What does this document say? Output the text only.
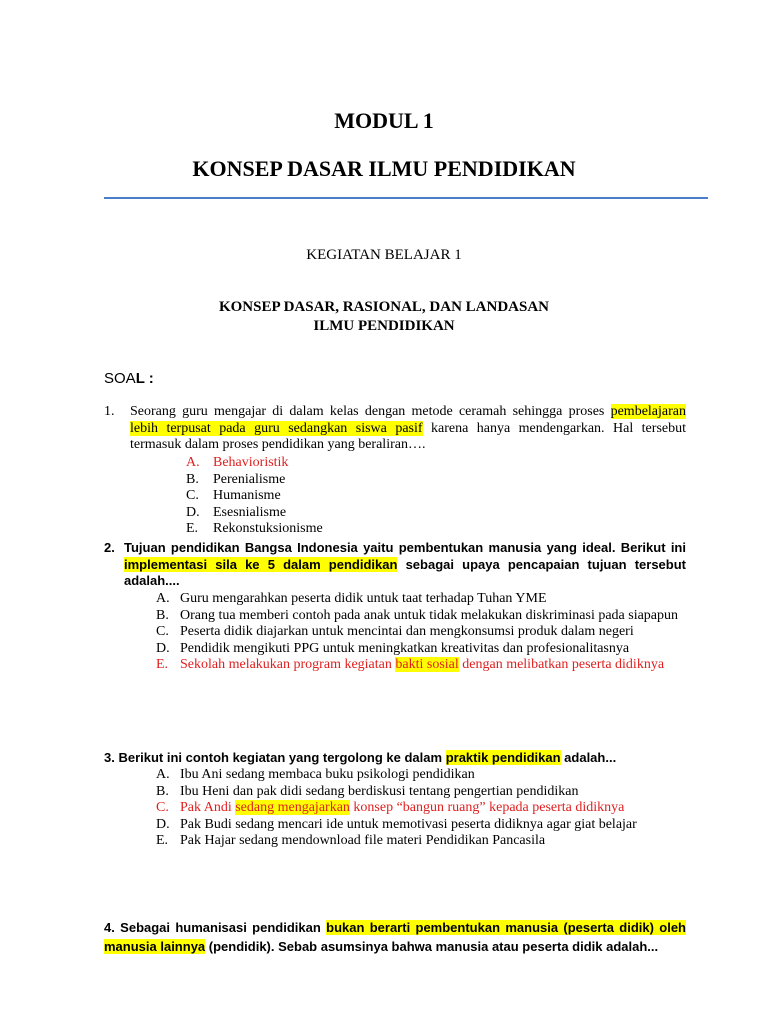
MODUL 1
KONSEP DASAR ILMU PENDIDIKAN
KEGIATAN BELAJAR 1
KONSEP DASAR, RASIONAL, DAN LANDASAN
ILMU PENDIDIKAN
SOAL :
1. Seorang guru mengajar di dalam kelas dengan metode ceramah sehingga proses pembelajaran lebih terpusat pada guru sedangkan siswa pasif karena hanya mendengarkan. Hal tersebut termasuk dalam proses pendidikan yang beraliran….
A. Behavioristik
B.	Perenialisme
C.	Humanisme
D. Esesnialisme
E.	Rekonstuksionisme
2. Tujuan pendidikan Bangsa Indonesia yaitu pembentukan manusia yang ideal. Berikut ini implementasi sila ke 5 dalam pendidikan sebagai upaya pencapaian tujuan tersebut adalah....
A. Guru mengarahkan peserta didik untuk taat terhadap Tuhan YME
B. Orang tua memberi contoh pada anak untuk tidak melakukan diskriminasi pada siapapun
C. Peserta didik diajarkan untuk mencintai dan mengkonsumsi produk dalam negeri
D. Pendidik mengikuti PPG untuk meningkatkan kreativitas dan profesionalitasnya
E. Sekolah melakukan program kegiatan bakti sosial dengan melibatkan peserta didiknya
3. Berikut ini contoh kegiatan yang tergolong ke dalam praktik pendidikan adalah...
A. Ibu Ani sedang membaca buku psikologi pendidikan
B. Ibu Heni dan pak didi sedang berdiskusi tentang pengertian pendidikan
C. Pak Andi sedang mengajarkan konsep “bangun ruang” kepada peserta didiknya
D. Pak Budi sedang mencari ide untuk memotivasi peserta didiknya agar giat belajar
E. Pak Hajar sedang mendownload file materi Pendidikan Pancasila
4. Sebagai humanisasi pendidikan bukan berarti pembentukan manusia (peserta didik) oleh manusia lainnya (pendidik). Sebab asumsinya bahwa manusia atau peserta didik adalah...
